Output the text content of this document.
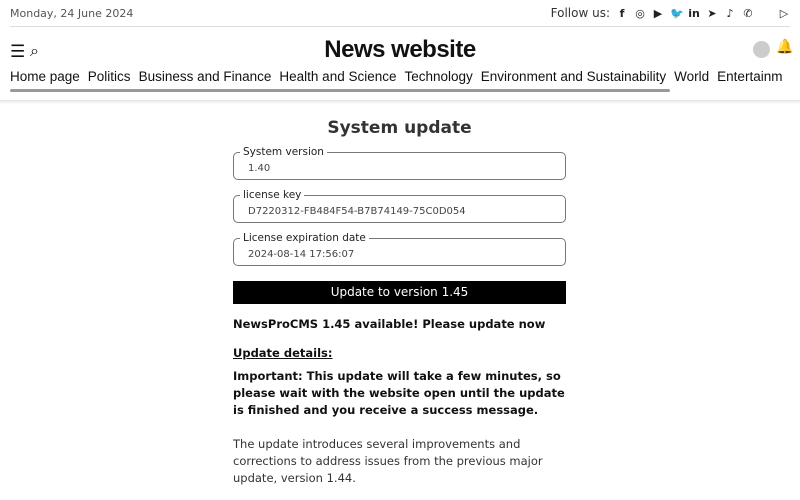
Monday, 24 June 2024	Follow us: f ◎ ▶ 🐦 in ➤ ♪ ✆ ▷
☰ ⌕	News website	🔔
Home page Politics Business and Finance Health and Science Technology Environment and Sustainability World Entertainm
System update
System version
1.40
license key
D7220312-FB484F54-B7B74149-75C0D054
License expiration date
2024-08-14 17:56:07
Update to version 1.45

NewsProCMS 1.45 available! Please update now

Update details:

Important: This update will take a few minutes, so please wait with the website open until the update is finished and you receive a success message.

The update introduces several improvements and corrections to address issues from the previous major update, version 1.44.
